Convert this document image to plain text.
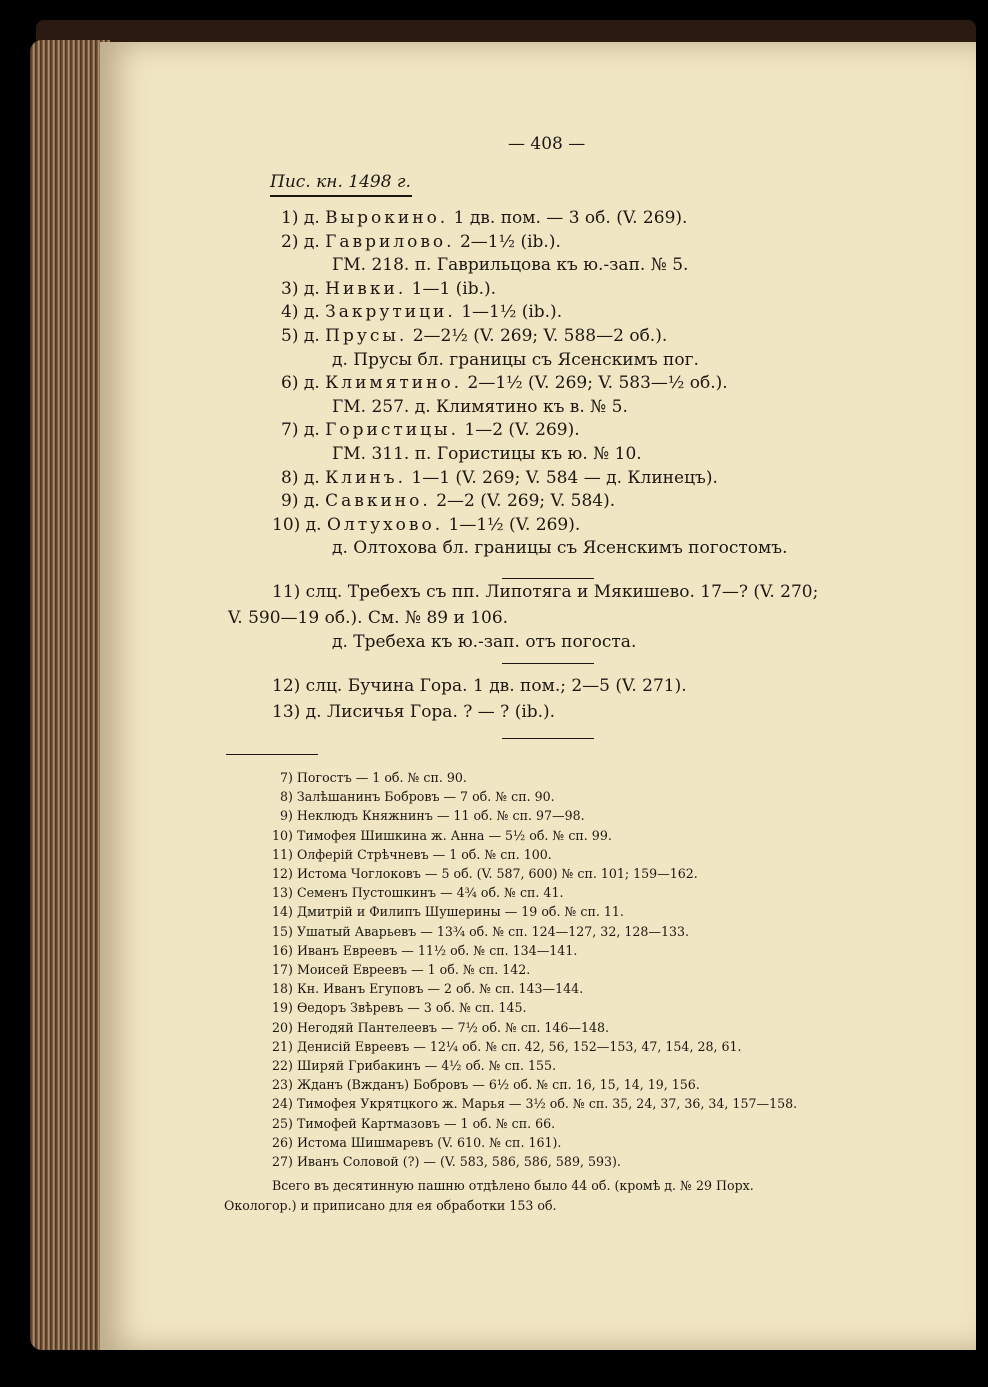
— 408 —
Пис. кн. 1498 г.
1) д. Вырокино. 1 дв. пом. — 3 об. (V. 269).
2) д. Гаврилово. 2—1½ (ib.).
ГМ. 218. п. Гаврильцова къ ю.-зап. № 5.
3) д. Нивки. 1—1 (ib.).
4) д. Закрутици. 1—1½ (ib.).
5) д. Прусы. 2—2½ (V. 269; V. 588—2 об.).
д. Прусы бл. границы съ Ясенскимъ пог.
6) д. Климятино. 2—1½ (V. 269; V. 583—½ об.).
ГМ. 257. д. Климятино къ в. № 5.
7) д. Гористицы. 1—2 (V. 269).
ГМ. 311. п. Гористицы къ ю. № 10.
8) д. Клинъ. 1—1 (V. 269; V. 584 — д. Клинецъ).
9) д. Савкино. 2—2 (V. 269; V. 584).
10) д. Олтухово. 1—1½ (V. 269).
д. Олтохова бл. границы съ Ясенскимъ погостомъ.
11) слц. Требехъ съ пп. Липотяга и Мякишево. 17—? (V. 270;
V. 590—19 об.). См. № 89 и 106.
д. Требеха къ ю.-зап. отъ погоста.
12) слц. Бучина Гора. 1 дв. пом.; 2—5 (V. 271).
13) д. Лисичья Гора. ? — ? (ib.).
7) Погостъ — 1 об. № сп. 90.
8) Залѣшанинъ Бобровъ — 7 об. № сп. 90.
9) Неклюдъ Княжнинъ — 11 об. № сп. 97—98.
10) Тимофея Шишкина ж. Анна — 5½ об. № сп. 99.
11) Олферій Стрѣчневъ — 1 об. № сп. 100.
12) Истома Чоглоковъ — 5 об. (V. 587, 600) № сп. 101; 159—162.
13) Семенъ Пустошкинъ — 4¾ об. № сп. 41.
14) Дмитрій и Филипъ Шушерины — 19 об. № сп. 11.
15) Ушатый Аварьевъ — 13¾ об. № сп. 124—127, 32, 128—133.
16) Иванъ Евреевъ — 11½ об. № сп. 134—141.
17) Моисей Евреевъ — 1 об. № сп. 142.
18) Кн. Иванъ Егуповъ — 2 об. № сп. 143—144.
19) Ѳедоръ Звѣревъ — 3 об. № сп. 145.
20) Негодяй Пантелеевъ — 7½ об. № сп. 146—148.
21) Денисій Евреевъ — 12¼ об. № сп. 42, 56, 152—153, 47, 154, 28, 61.
22) Ширяй Грибакинъ — 4½ об. № сп. 155.
23) Жданъ (Вжданъ) Бобровъ — 6½ об. № сп. 16, 15, 14, 19, 156.
24) Тимофея Укрятцкого ж. Марья — 3½ об. № сп. 35, 24, 37, 36, 34, 157—158.
25) Тимофей Картмазовъ — 1 об. № сп. 66.
26) Истома Шишмаревъ (V. 610. № сп. 161).
27) Иванъ Соловой (?) — (V. 583, 586, 586, 589, 593).
Всего въ десятинную пашню отдѣлено было 44 об. (кромѣ д. № 29 Порх.
Окологор.) и приписано для ея обработки 153 об.
